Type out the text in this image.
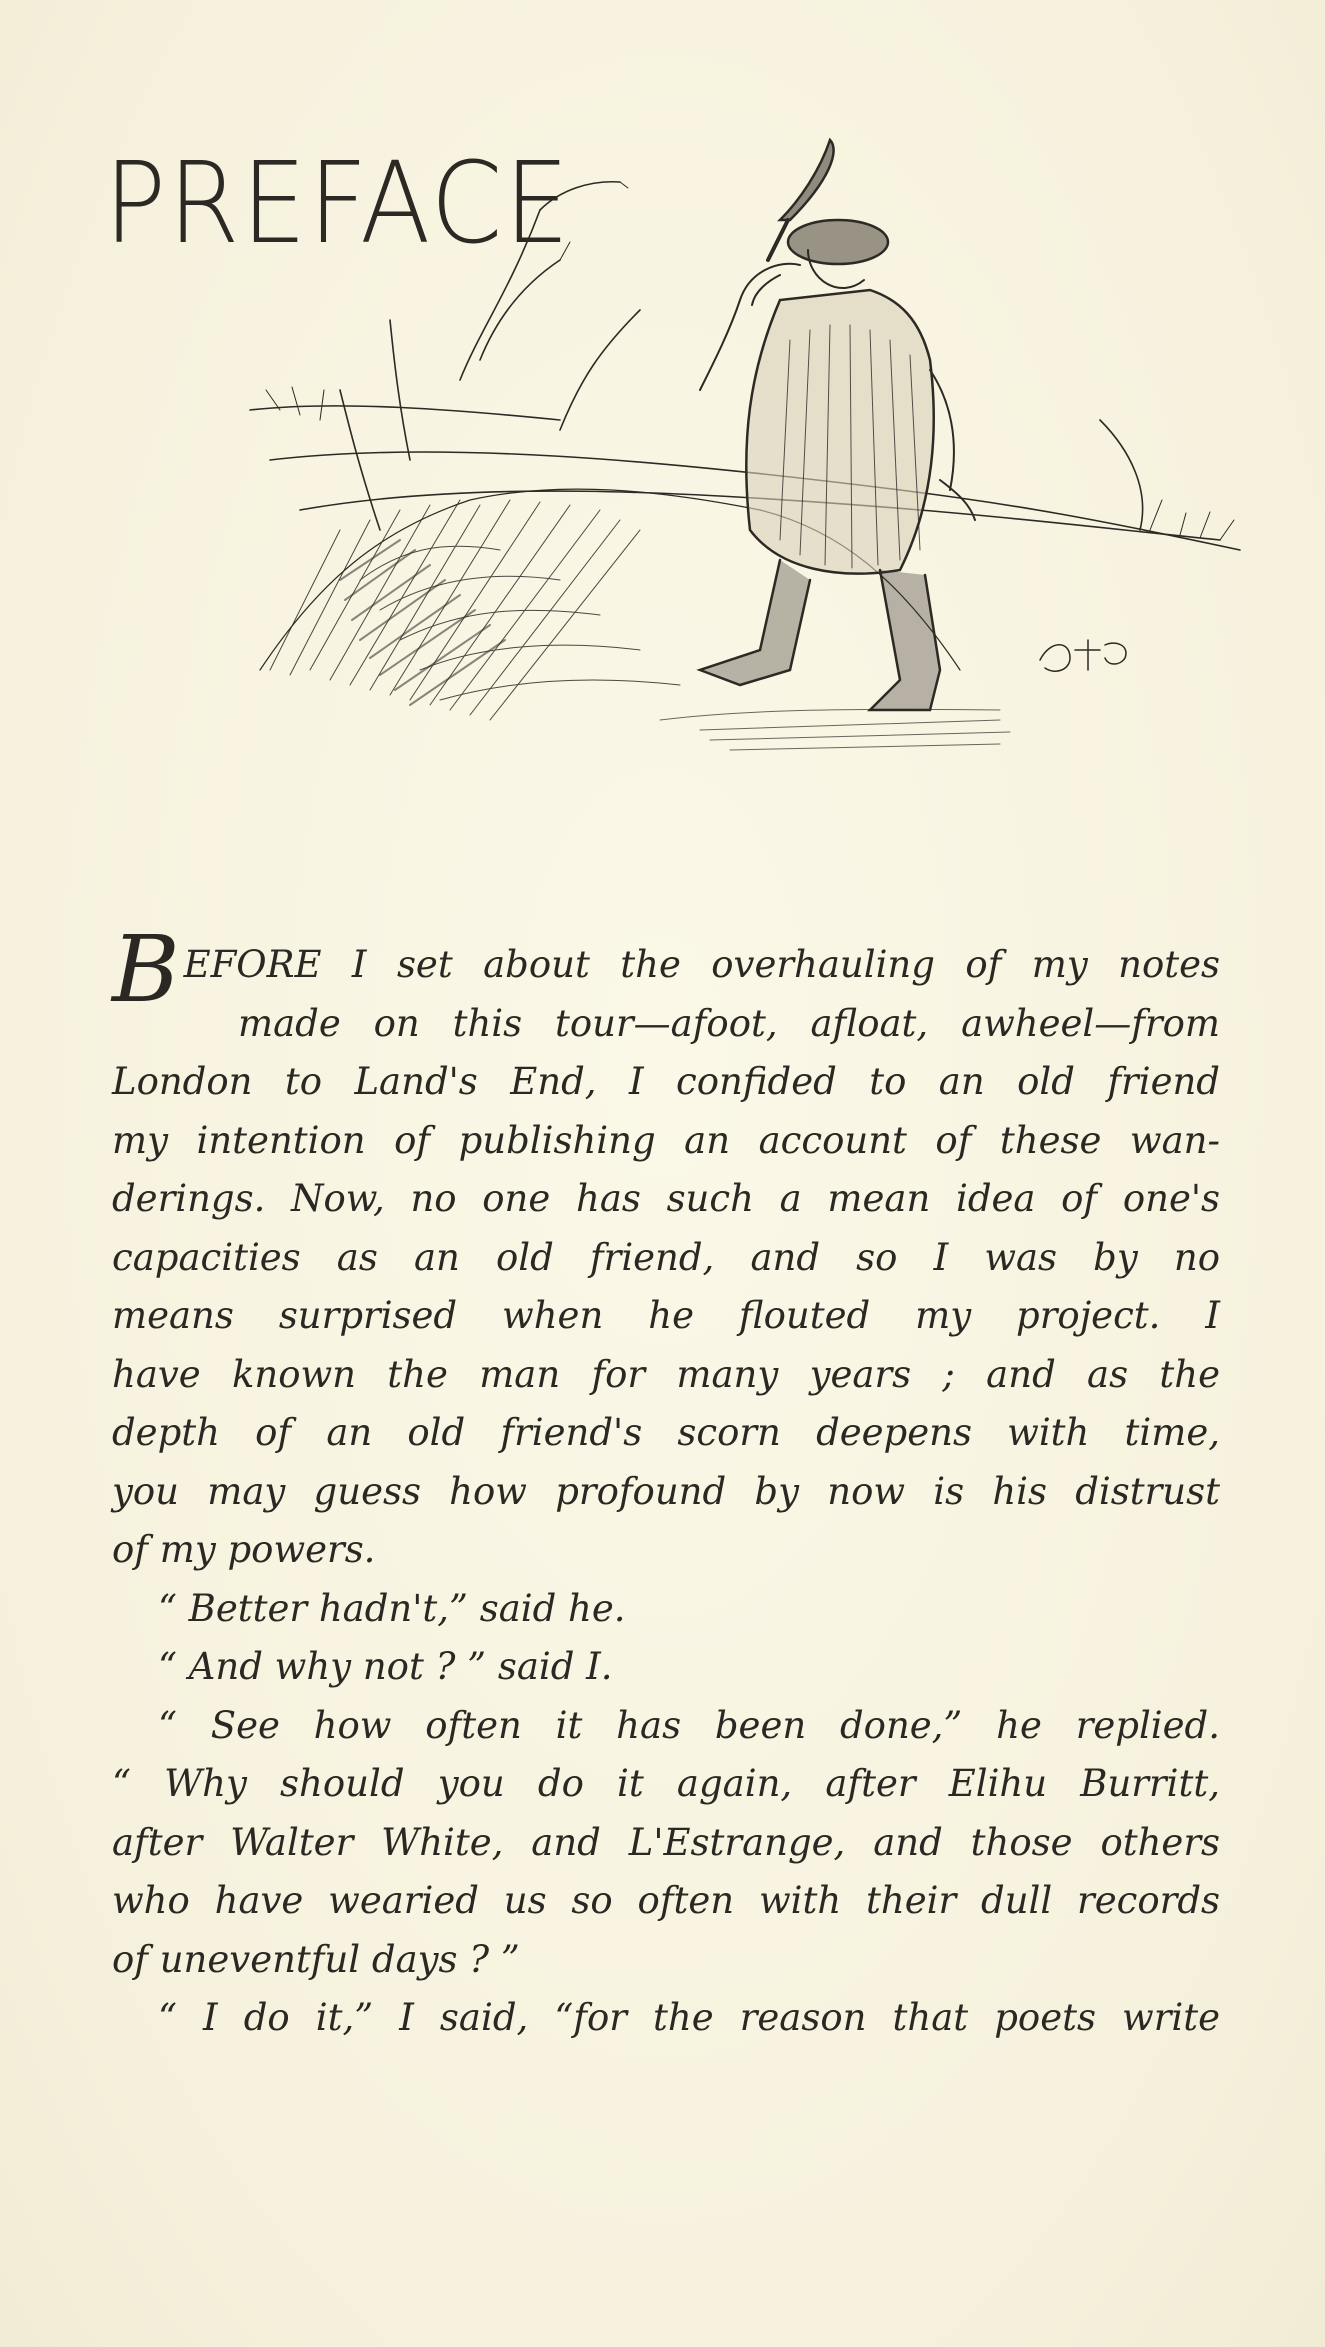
PREFACE
B EFORE I set about the overhauling of my notes
made on this tour—afoot, afloat, awheel—from
London to Land's End, I confided to an old friend
my intention of publishing an account of these wan-
derings. Now, no one has such a mean idea of one's
capacities as an old friend, and so I was by no
means surprised when he flouted my project. I
have known the man for many years ; and as the
depth of an old friend's scorn deepens with time,
you may guess how profound by now is his distrust
of my powers.
“ Better hadn't,” said he.
“ And why not ? ” said I.
“ See how often it has been done,” he replied.
“ Why should you do it again, after Elihu Burritt,
after Walter White, and L'Estrange, and those others
who have wearied us so often with their dull records
of uneventful days ? ”
“ I do it,” I said, “for the reason that poets write
